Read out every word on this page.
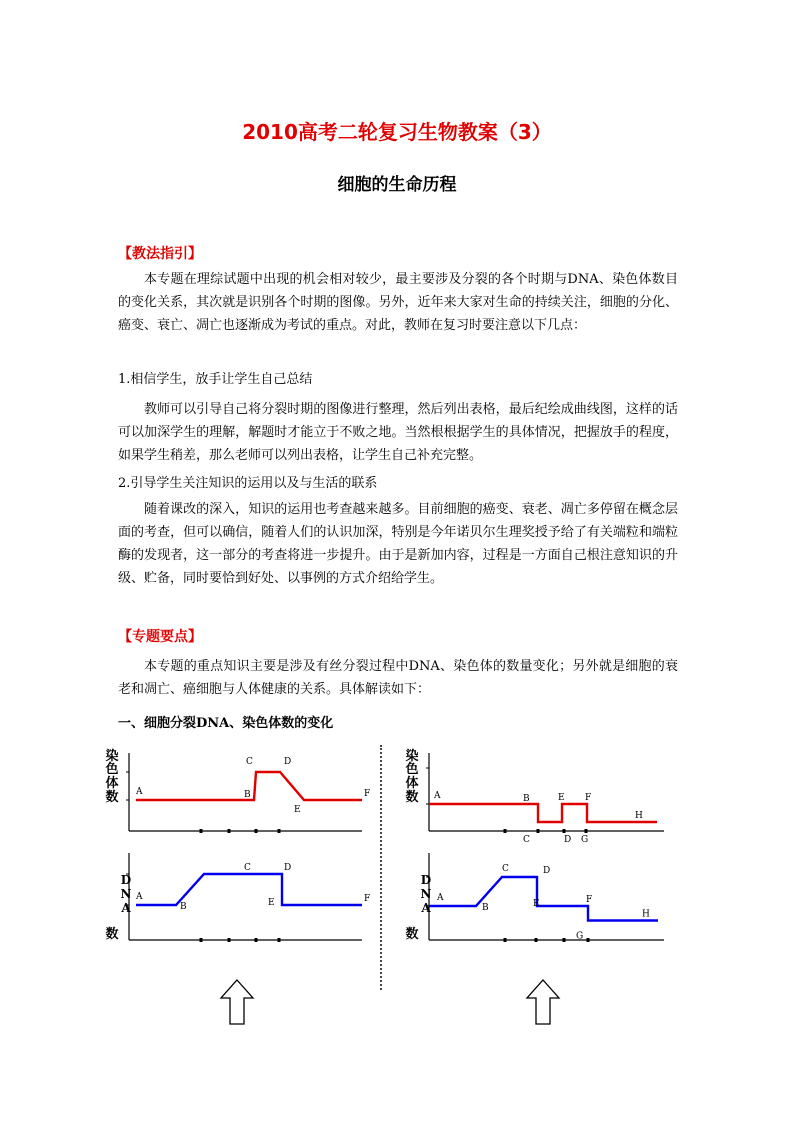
2010高考二轮复习生物教案（3）
细胞的生命历程
【教法指引】

本专题在理综试题中出现的机会相对较少，最主要涉及分裂的各个时期与DNA、染色体数目的变化关系，其次就是识别各个时期的图像。另外，近年来大家对生命的持续关注，细胞的分化、癌变、衰亡、凋亡也逐渐成为考试的重点。对此，教师在复习时要注意以下几点：

1.相信学生，放手让学生自己总结

教师可以引导自己将分裂时期的图像进行整理，然后列出表格，最后纪绘成曲线图，这样的话可以加深学生的理解，解题时才能立于不败之地。当然根根据学生的具体情况，把握放手的程度，如果学生稍差，那么老师可以列出表格，让学生自己补充完整。

2.引导学生关注知识的运用以及与生活的联系

随着课改的深入，知识的运用也考查越来越多。目前细胞的癌变、衰老、凋亡多停留在概念层面的考查，但可以确信，随着人们的认识加深，特别是今年诺贝尔生理奖授予给了有关端粒和端粒酶的发现者，这一部分的考查将进一步提升。由于是新加内容，过程是一方面自己根注意知识的升级、贮备，同时要恰到好处、以事例的方式介绍给学生。

【专题要点】

本专题的重点知识主要是涉及有丝分裂过程中DNA、染色体的数量变化；另外就是细胞的衰老和凋亡、癌细胞与人体健康的关系。具体解读如下：

一、细胞分裂DNA、染色体数的变化
染色体数 A	B
C	D
E
F
DNA 数
A
B
C	D
E	F
染色体数 A	B
C	D
E F
G
H
DNA 数
A
B
C	D
E	F
G
H
